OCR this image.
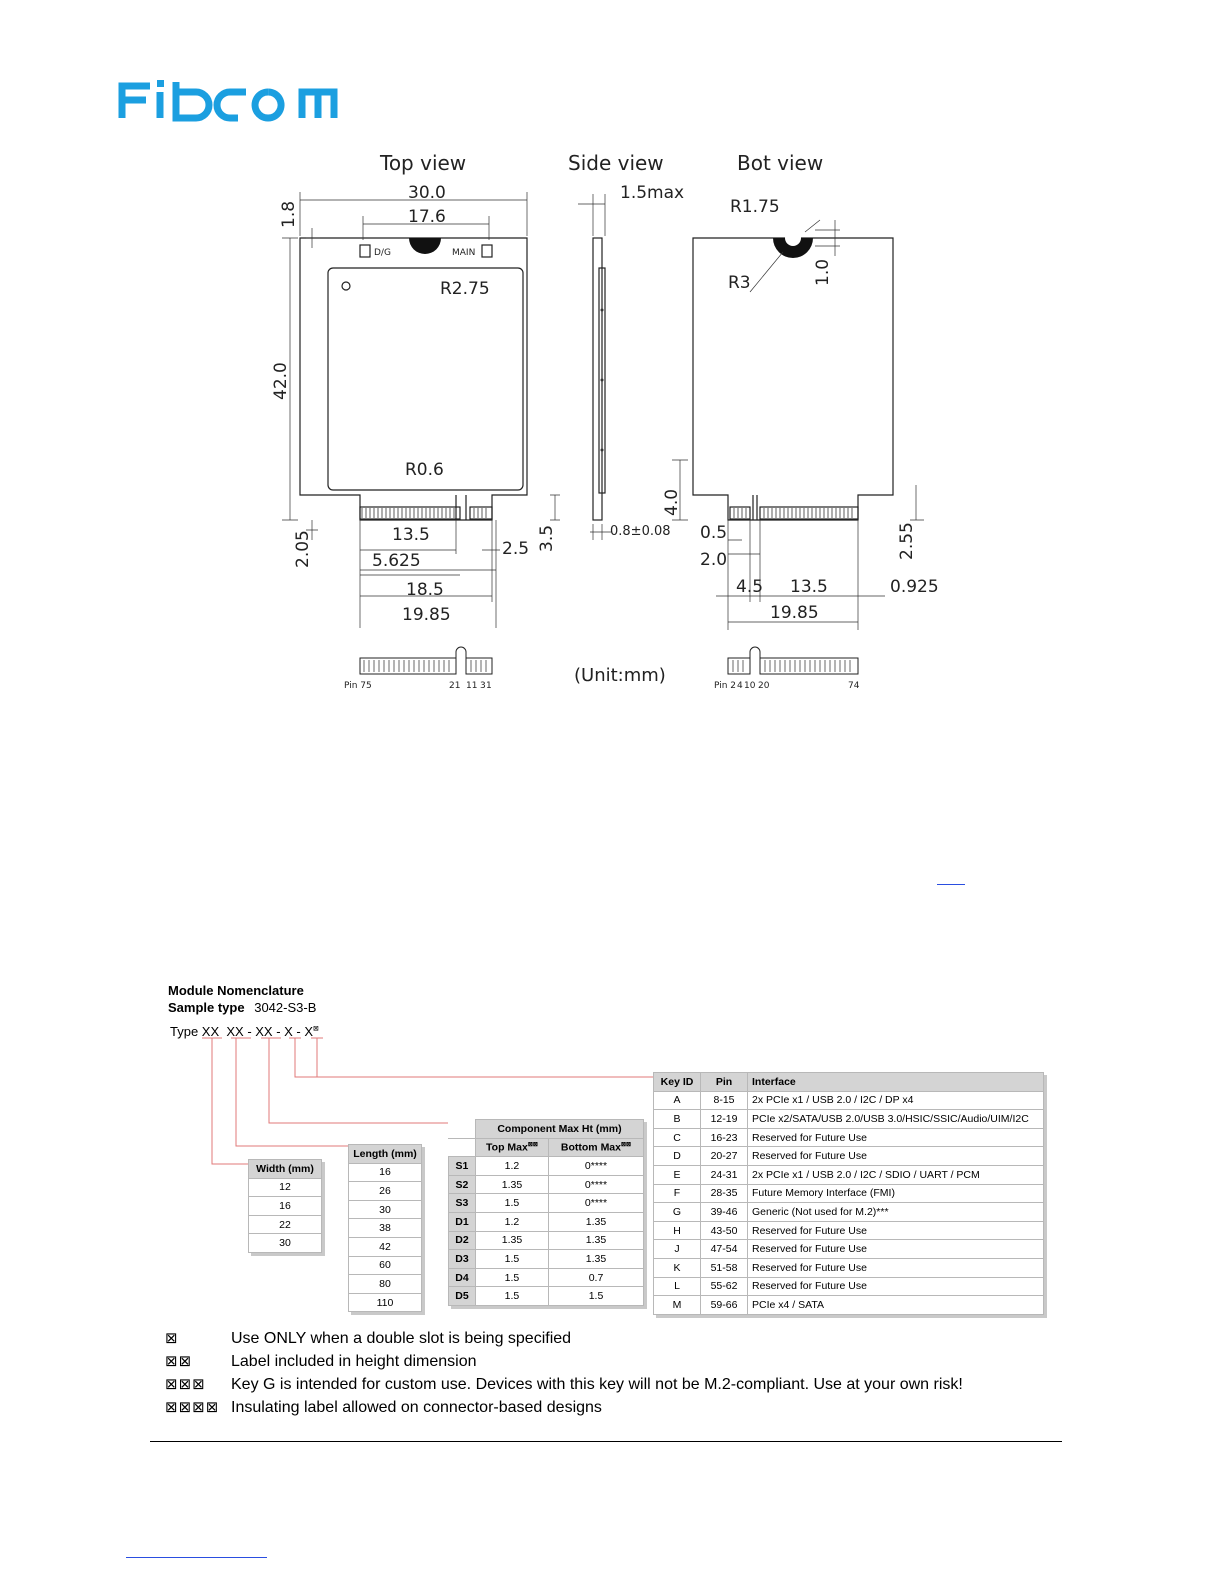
Fibocom
Top view	Side view	Bot view
30.0
17.6
1.8
42.0
R2.75
R0.6
13.5
5.625
18.5
19.85
2.5 3.5
2.05
D/G	MAIN
1.5max
0.8±0.08
R1.75
R3	1.0
4.0
0.5
2.0
4.5 13.5	0.925
19.85
2.55
Pin 75	21 11 3 1	Pin 2 4 10 20	74
(Unit:mm)
Module Nomenclature
Sample type 3042-S3-B
Type XX  XX - XX - X - X⊠
Width (mm)
12
16
22
30
Length (mm)
16
26
30
38
42
60
80
110
	Component Max Ht (mm)	
	Top Max⊠⊠	Bottom Max⊠⊠
S1	1.2	0****
S2	1.35	0****
S3	1.5	0****
D1	1.2	1.35
D2	1.35	1.35
D3	1.5	1.35
D4	1.5	0.7
D5	1.5	1.5
Key ID	Pin	Interface
A	8-15	2x PCIe x1 / USB 2.0 / I2C / DP x4
B	12-19	PCIe x2/SATA/USB 2.0/USB 3.0/HSIC/SSIC/Audio/UIM/I2C
C	16-23	Reserved for Future Use
D	20-27	Reserved for Future Use
E	24-31	2x PCIe x1 / USB 2.0 / I2C / SDIO / UART / PCM
F	28-35	Future Memory Interface (FMI)
G	39-46	Generic (Not used for M.2)***
H	43-50	Reserved for Future Use
J	47-54	Reserved for Future Use
K	51-58	Reserved for Future Use
L	55-62	Reserved for Future Use
M	59-66	PCIe x4 / SATA
⊠	Use ONLY when a double slot is being specified
⊠⊠	Label included in height dimension
⊠⊠⊠	Key G is intended for custom use. Devices with this key will not be M.2-compliant. Use at your own risk!
⊠⊠⊠⊠ Insulating label allowed on connector-based designs
